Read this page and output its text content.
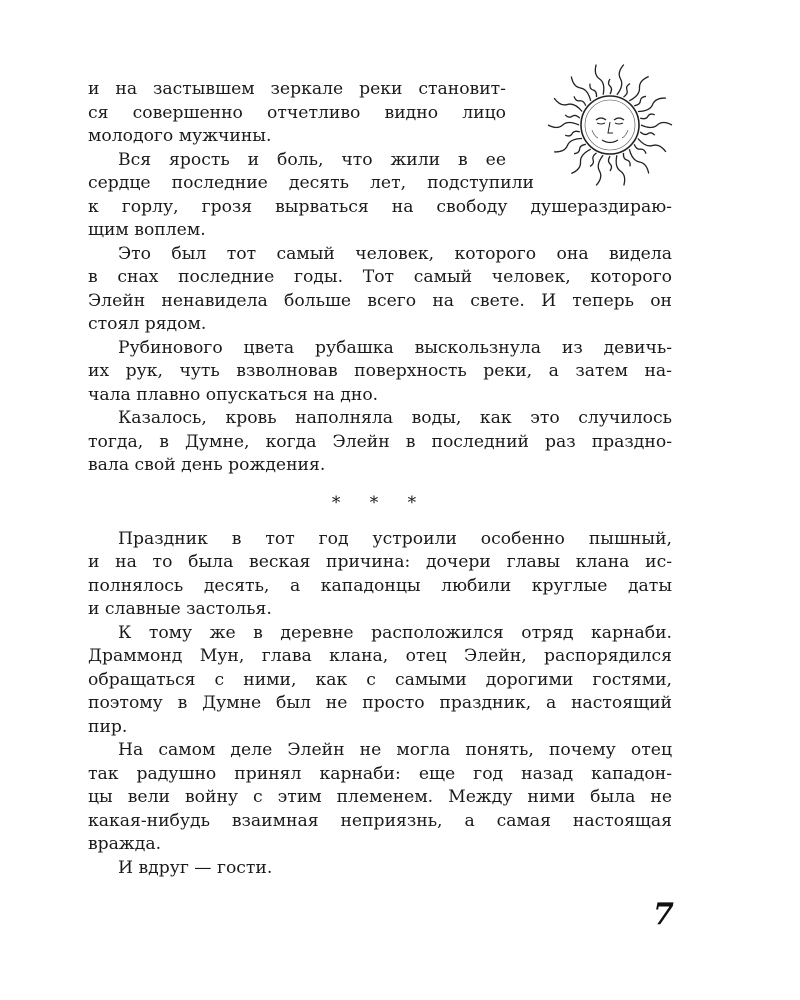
и на застывшем зеркале реки становит-
ся совершенно отчетливо видно лицо
молодого мужчины.
Вся ярость и боль, что жили в ее
сердце последние десять лет, подступили
к горлу, грозя вырваться на свободу душераздираю-
щим воплем.
Это был тот самый человек, которого она видела
в снах последние годы. Тот самый человек, которого
Элейн ненавидела больше всего на свете. И теперь он
стоял рядом.
Рубинового цвета рубашка выскользнула из девичь-
их рук, чуть взволновав поверхность реки, а затем на-
чала плавно опускаться на дно.
Казалось, кровь наполняла воды, как это случилось
тогда, в Думне, когда Элейн в последний раз праздно-
вала свой день рождения.
* * *
Праздник в тот год устроили особенно пышный,
и на то была веская причина: дочери главы клана ис-
полнялось десять, а кападонцы любили круглые даты
и славные застолья.
К тому же в деревне расположился отряд карнаби.
Драммонд Мун, глава клана, отец Элейн, распорядился
обращаться с ними, как с самыми дорогими гостями,
поэтому в Думне был не просто праздник, а настоящий
пир.
На самом деле Элейн не могла понять, почему отец
так радушно принял карнаби: еще год назад кападон-
цы вели войну с этим племенем. Между ними была не
какая-нибудь взаимная неприязнь, а самая настоящая
вражда.
И вдруг — гости.
7
